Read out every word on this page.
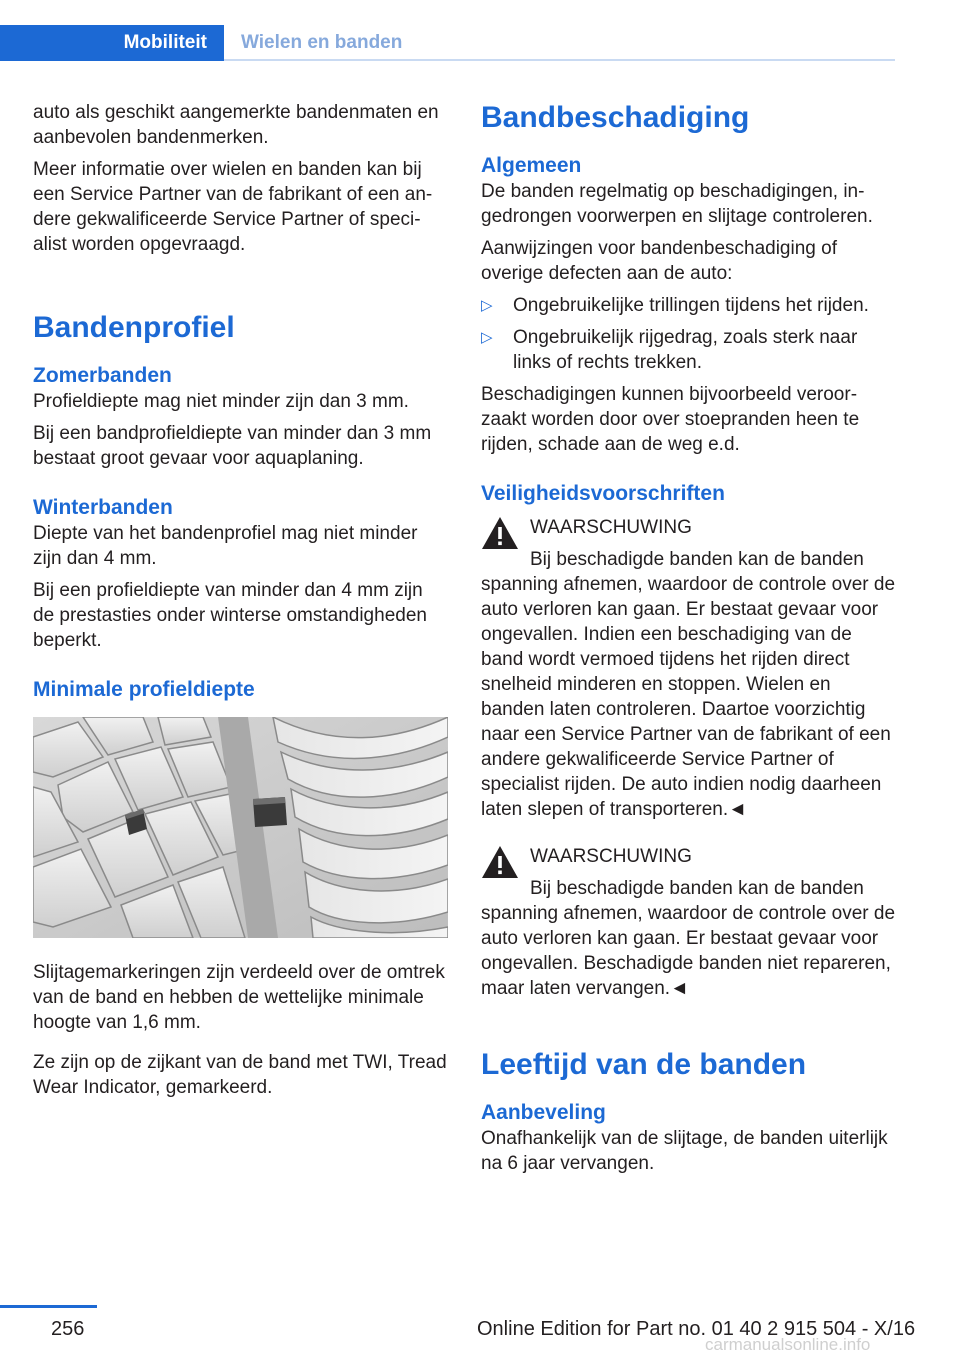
Mobiliteit Wielen en banden

auto als geschikt aangemerkte bandenmaten en aanbevolen bandenmerken.

Meer informatie over wielen en banden kan bij een Service Partner van de fabrikant of een andere gekwalificeerde Service Partner of specialist worden opgevraagd.

Bandenprofiel
Zomerbanden

Profieldiepte mag niet minder zijn dan 3 mm.

Bij een bandprofieldiepte van minder dan 3 mm bestaat groot gevaar voor aquaplaning.

Winterbanden

Diepte van het bandenprofiel mag niet minder zijn dan 4 mm.

Bij een profieldiepte van minder dan 4 mm zijn de prestasties onder winterse omstandigheden beperkt.

Minimale profieldiepte

Slijtagemarkeringen zijn verdeeld over de omtrek van de band en hebben de wettelijke minimale hoogte van 1,6 mm.

Ze zijn op de zijkant van de band met TWI, Tread Wear Indicator, gemarkeerd.

Bandbeschadiging
Algemeen

De banden regelmatig op beschadigingen, ingedrongen voorwerpen en slijtage controleren.

Aanwijzingen voor bandenbeschadiging of overige defecten aan de auto:

▷	Ongebruikelijke trillingen tijdens het rijden.
▷	Ongebruikelijk rijgedrag, zoals sterk naar links of rechts trekken.

Beschadigingen kunnen bijvoorbeeld veroorzaakt worden door over stoepranden heen te rijden, schade aan de weg e.d.

Veiligheidsvoorschriften
WAARSCHUWING
Bij beschadigde banden kan de banden
spanning afnemen, waardoor de controle over de auto verloren kan gaan. Er bestaat gevaar voor ongevallen. Indien een beschadiging van de band wordt vermoed tijdens het rijden direct snelheid minderen en stoppen. Wielen en banden laten controleren. Daartoe voorzichtig naar een Service Partner van de fabrikant of een andere gekwalificeerde Service Partner of specialist rijden. De auto indien nodig daarheen laten slepen of transporteren.◄
WAARSCHUWING
Bij beschadigde banden kan de banden
spanning afnemen, waardoor de controle over de auto verloren kan gaan. Er bestaat gevaar voor ongevallen. Beschadigde banden niet repareren, maar laten vervangen.◄
Leeftijd van de banden
Aanbeveling

Onafhankelijk van de slijtage, de banden uiterlijk na 6 jaar vervangen.

256	Online Edition for Part no. 01 40 2 915 504 - X/16
carmanualsonline.info
